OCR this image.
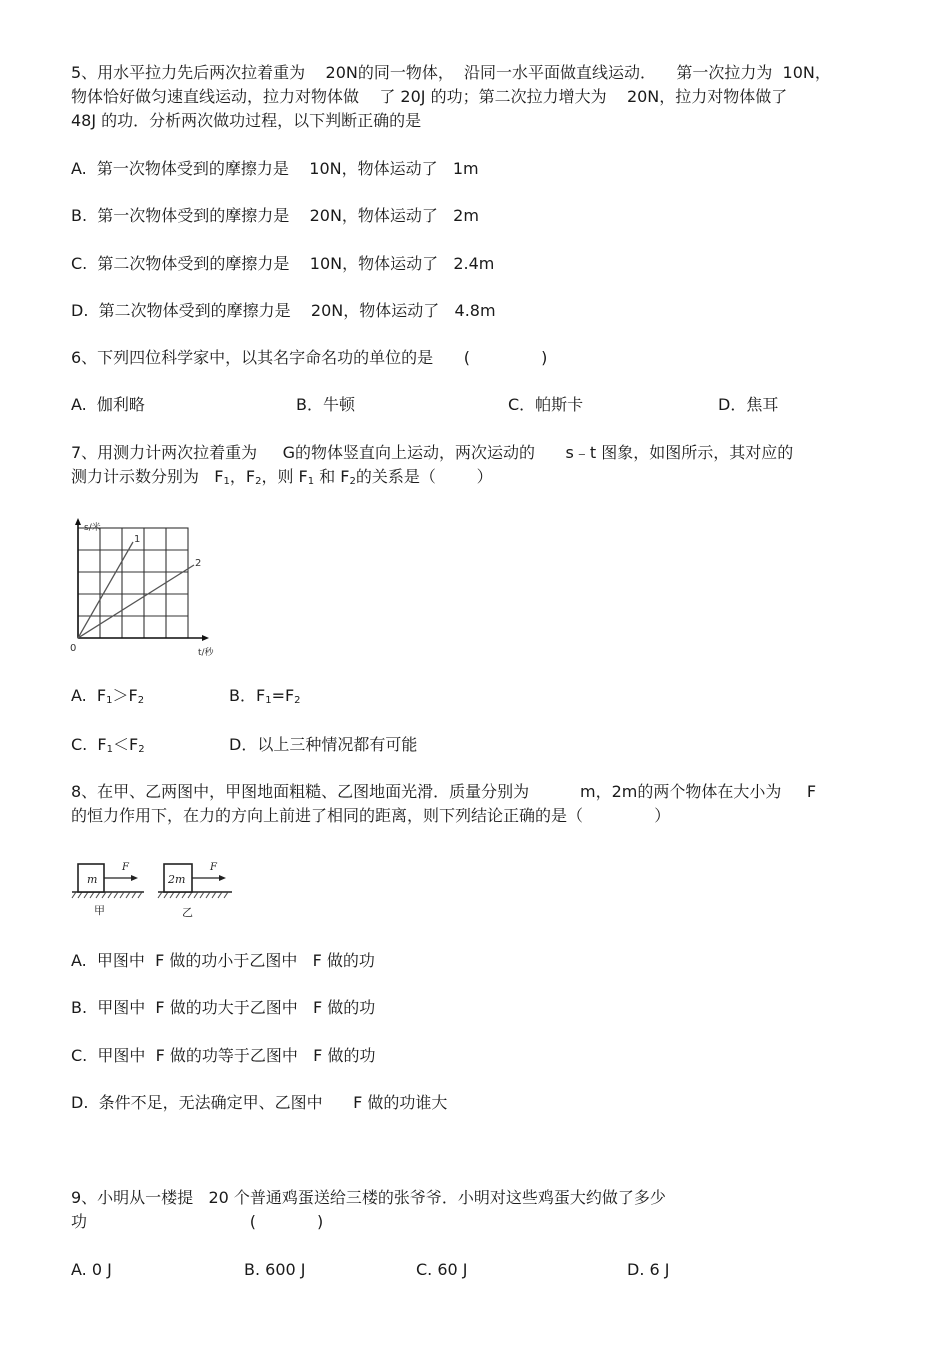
5、用水平拉力先后两次拉着重为    20N的同一物体，  沿同一水平面做直线运动．    第一次拉力为  10N，
物体恰好做匀速直线运动，拉力对物体做    了 20J 的功；第二次拉力增大为    20N，拉力对物体做了
48J 的功．分析两次做功过程，以下判断正确的是
A.  第一次物体受到的摩擦力是    10N，物体运动了   1m
B.  第一次物体受到的摩擦力是    20N，物体运动了   2m
C.  第二次物体受到的摩擦力是    10N，物体运动了   2.4m
D.  第二次物体受到的摩擦力是    20N，物体运动了   4.8m
6、下列四位科学家中，以其名字命名功的单位的是      (              )
A.  伽利略	B．牛顿	C．帕斯卡	D．焦耳
7、用测力计两次拉着重为     G的物体竖直向上运动，两次运动的      s﹣t 图象，如图所示，其对应的
测力计示数分别为   $F_1$，$F_2$，则 $F_1$ 和 $F_2$的关系是（        ）
s/米
t/秒
0
1
2
A.  $F_1>F_2$	B．$F_1=F_2$
C.  $F_1<F_2$	D．以上三种情况都有可能
8、在甲、乙两图中，甲图地面粗糙、乙图地面光滑．质量分别为          m，2m的两个物体在大小为     F
的恒力作用下，在力的方向上前进了相同的距离，则下列结论正确的是（              ）
m
F
甲
2m
F
乙
A.  甲图中  F 做的功小于乙图中   F 做的功
B.  甲图中  F 做的功大于乙图中   F 做的功
C.  甲图中  F 做的功等于乙图中   F 做的功
D.  条件不足，无法确定甲、乙图中      F 做的功谁大
9、小明从一楼提   20 个普通鸡蛋送给三楼的张爷爷．小明对这些鸡蛋大约做了多少
功                                (            )
A. 0 J	B. 600 J	C. 60 J	D. 6 J
